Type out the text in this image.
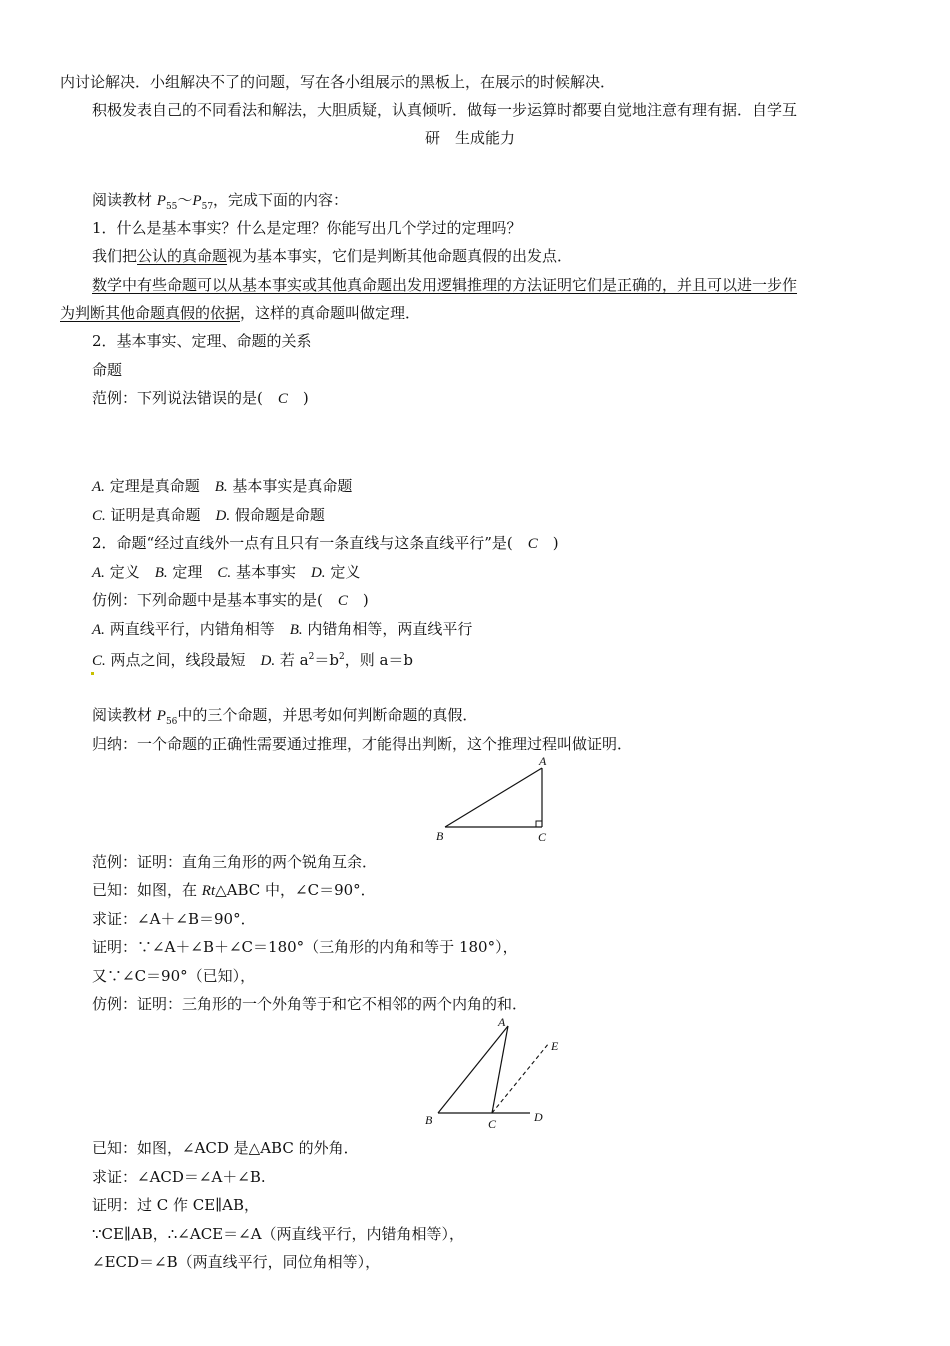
内讨论解决．小组解决不了的问题，写在各小组展示的黑板上，在展示的时候解决．
积极发表自己的不同看法和解法，大胆质疑，认真倾听．做每一步运算时都要自觉地注意有理有据．自学互
研　生成能力
阅读教材 $P_{55}\sim P_{57}$，完成下面的内容：
1．什么是基本事实？什么是定理？你能写出几个学过的定理吗？
我们把公认的真命题视为基本事实，它们是判断其他命题真假的出发点．
数学中有些命题可以从基本事实或其他真命题出发用逻辑推理的方法证明它们是正确的，并且可以进一步作
为判断其他命题真假的依据，这样的真命题叫做定理．
2．基本事实、定理、命题的关系
命题
范例：下列说法错误的是(　C　)
A. 定理是真命题　B. 基本事实是真命题
C. 证明是真命题　D. 假命题是命题
2．命题“经过直线外一点有且只有一条直线与这条直线平行”是(　C　)
A. 定义　B. 定理　C. 基本事实　D. 定义
仿例：下列命题中是基本事实的是(　C　)
A. 两直线平行，内错角相等　B. 内错角相等，两直线平行
C. 两点之间，线段最短　D. 若 $a^2=b^2$，则 a＝b
阅读教材 $P_{56}$中的三个命题，并思考如何判断命题的真假．
归纳：一个命题的正确性需要通过推理，才能得出判断，这个推理过程叫做证明．
A
B	C
范例：证明：直角三角形的两个锐角互余．
已知：如图，在 Rt△ABC 中，∠C＝90°．
求证：∠A＋∠B＝90°．
证明：∵∠A＋∠B＋∠C＝180°（三角形的内角和等于 180°），
又∵∠C＝90°（已知），
仿例：证明：三角形的一个外角等于和它不相邻的两个内角的和．
A
B	C	D
E
已知：如图，∠ACD 是△ABC 的外角．
求证：∠ACD＝∠A＋∠B.
证明：过 C 作 CE∥AB，
∵CE∥AB，∴∠ACE＝∠A（两直线平行，内错角相等），
∠ECD＝∠B（两直线平行，同位角相等），
